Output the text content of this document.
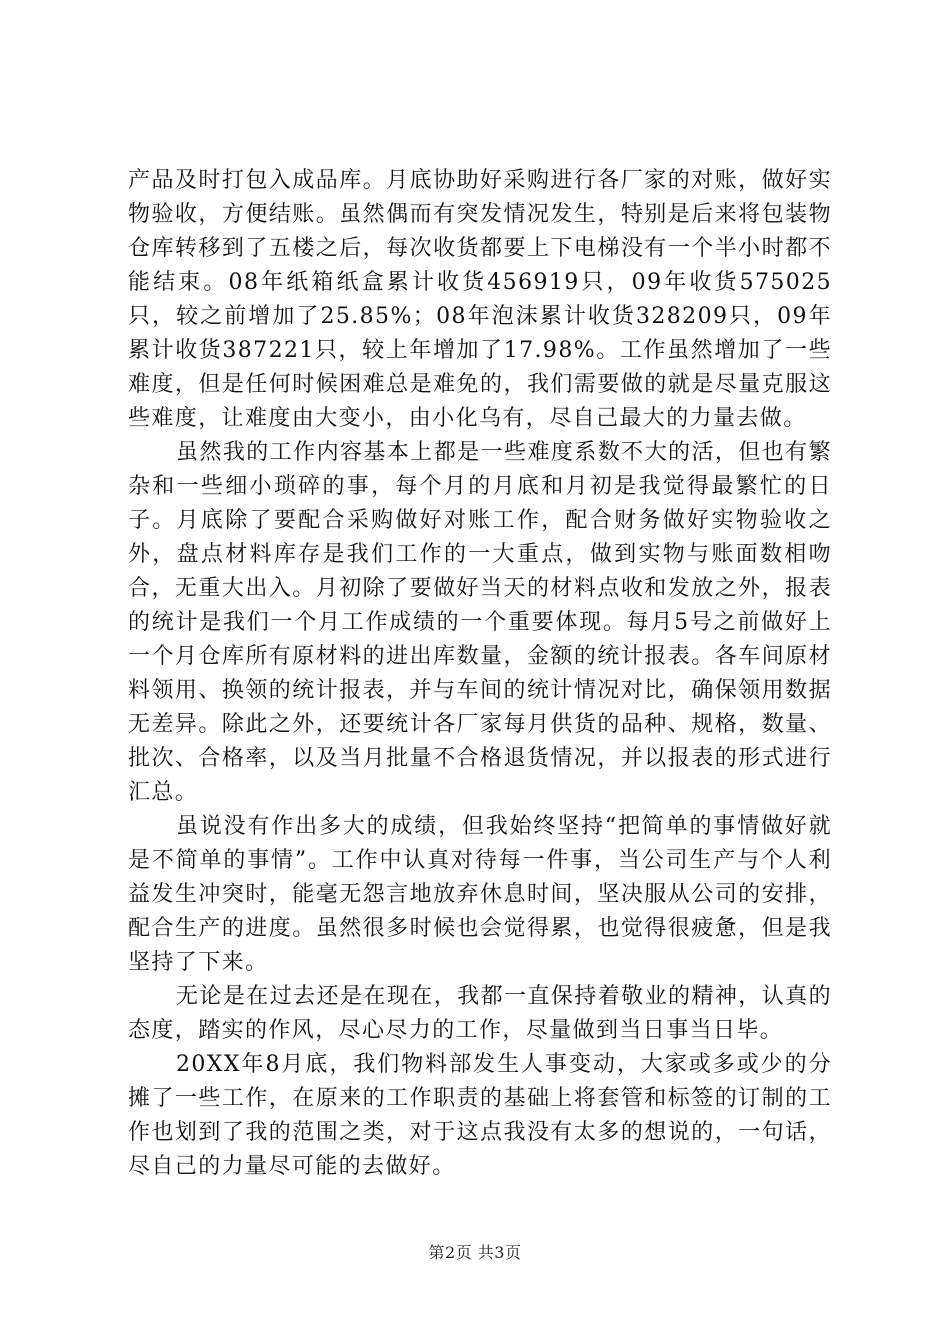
产品及时打包入成品库。月底协助好采购进行各厂家的对账，做好实物验收，方便结账。虽然偶而有突发情况发生，特别是后来将包装物仓库转移到了五楼之后，每次收货都要上下电梯没有一个半小时都不能结束。08年纸箱纸盒累计收货456919只，09年收货575025只，较之前增加了25.85%；08年泡沫累计收货328209只，09年累计收货387221只，较上年增加了17.98%。工作虽然增加了一些难度，但是任何时候困难总是难免的，我们需要做的就是尽量克服这些难度，让难度由大变小，由小化乌有，尽自己最大的力量去做。

虽然我的工作内容基本上都是一些难度系数不大的活，但也有繁杂和一些细小琐碎的事，每个月的月底和月初是我觉得最繁忙的日子。月底除了要配合采购做好对账工作，配合财务做好实物验收之外，盘点材料库存是我们工作的一大重点，做到实物与账面数相吻合，无重大出入。月初除了要做好当天的材料点收和发放之外，报表的统计是我们一个月工作成绩的一个重要体现。每月5号之前做好上一个月仓库所有原材料的进出库数量，金额的统计报表。各车间原材料领用、换领的统计报表，并与车间的统计情况对比，确保领用数据无差异。除此之外，还要统计各厂家每月供货的品种、规格，数量、批次、合格率，以及当月批量不合格退货情况，并以报表的形式进行汇总。

虽说没有作出多大的成绩，但我始终坚持“把简单的事情做好就是不简单的事情”。工作中认真对待每一件事，当公司生产与个人利益发生冲突时，能毫无怨言地放弃休息时间，坚决服从公司的安排，配合生产的进度。虽然很多时候也会觉得累，也觉得很疲惫，但是我坚持了下来。

无论是在过去还是在现在，我都一直保持着敬业的精神，认真的态度，踏实的作风，尽心尽力的工作，尽量做到当日事当日毕。

20XX年8月底，我们物料部发生人事变动，大家或多或少的分摊了一些工作，在原来的工作职责的基础上将套管和标签的订制的工作也划到了我的范围之类，对于这点我没有太多的想说的，一句话，尽自己的力量尽可能的去做好。

第2页 共3页
